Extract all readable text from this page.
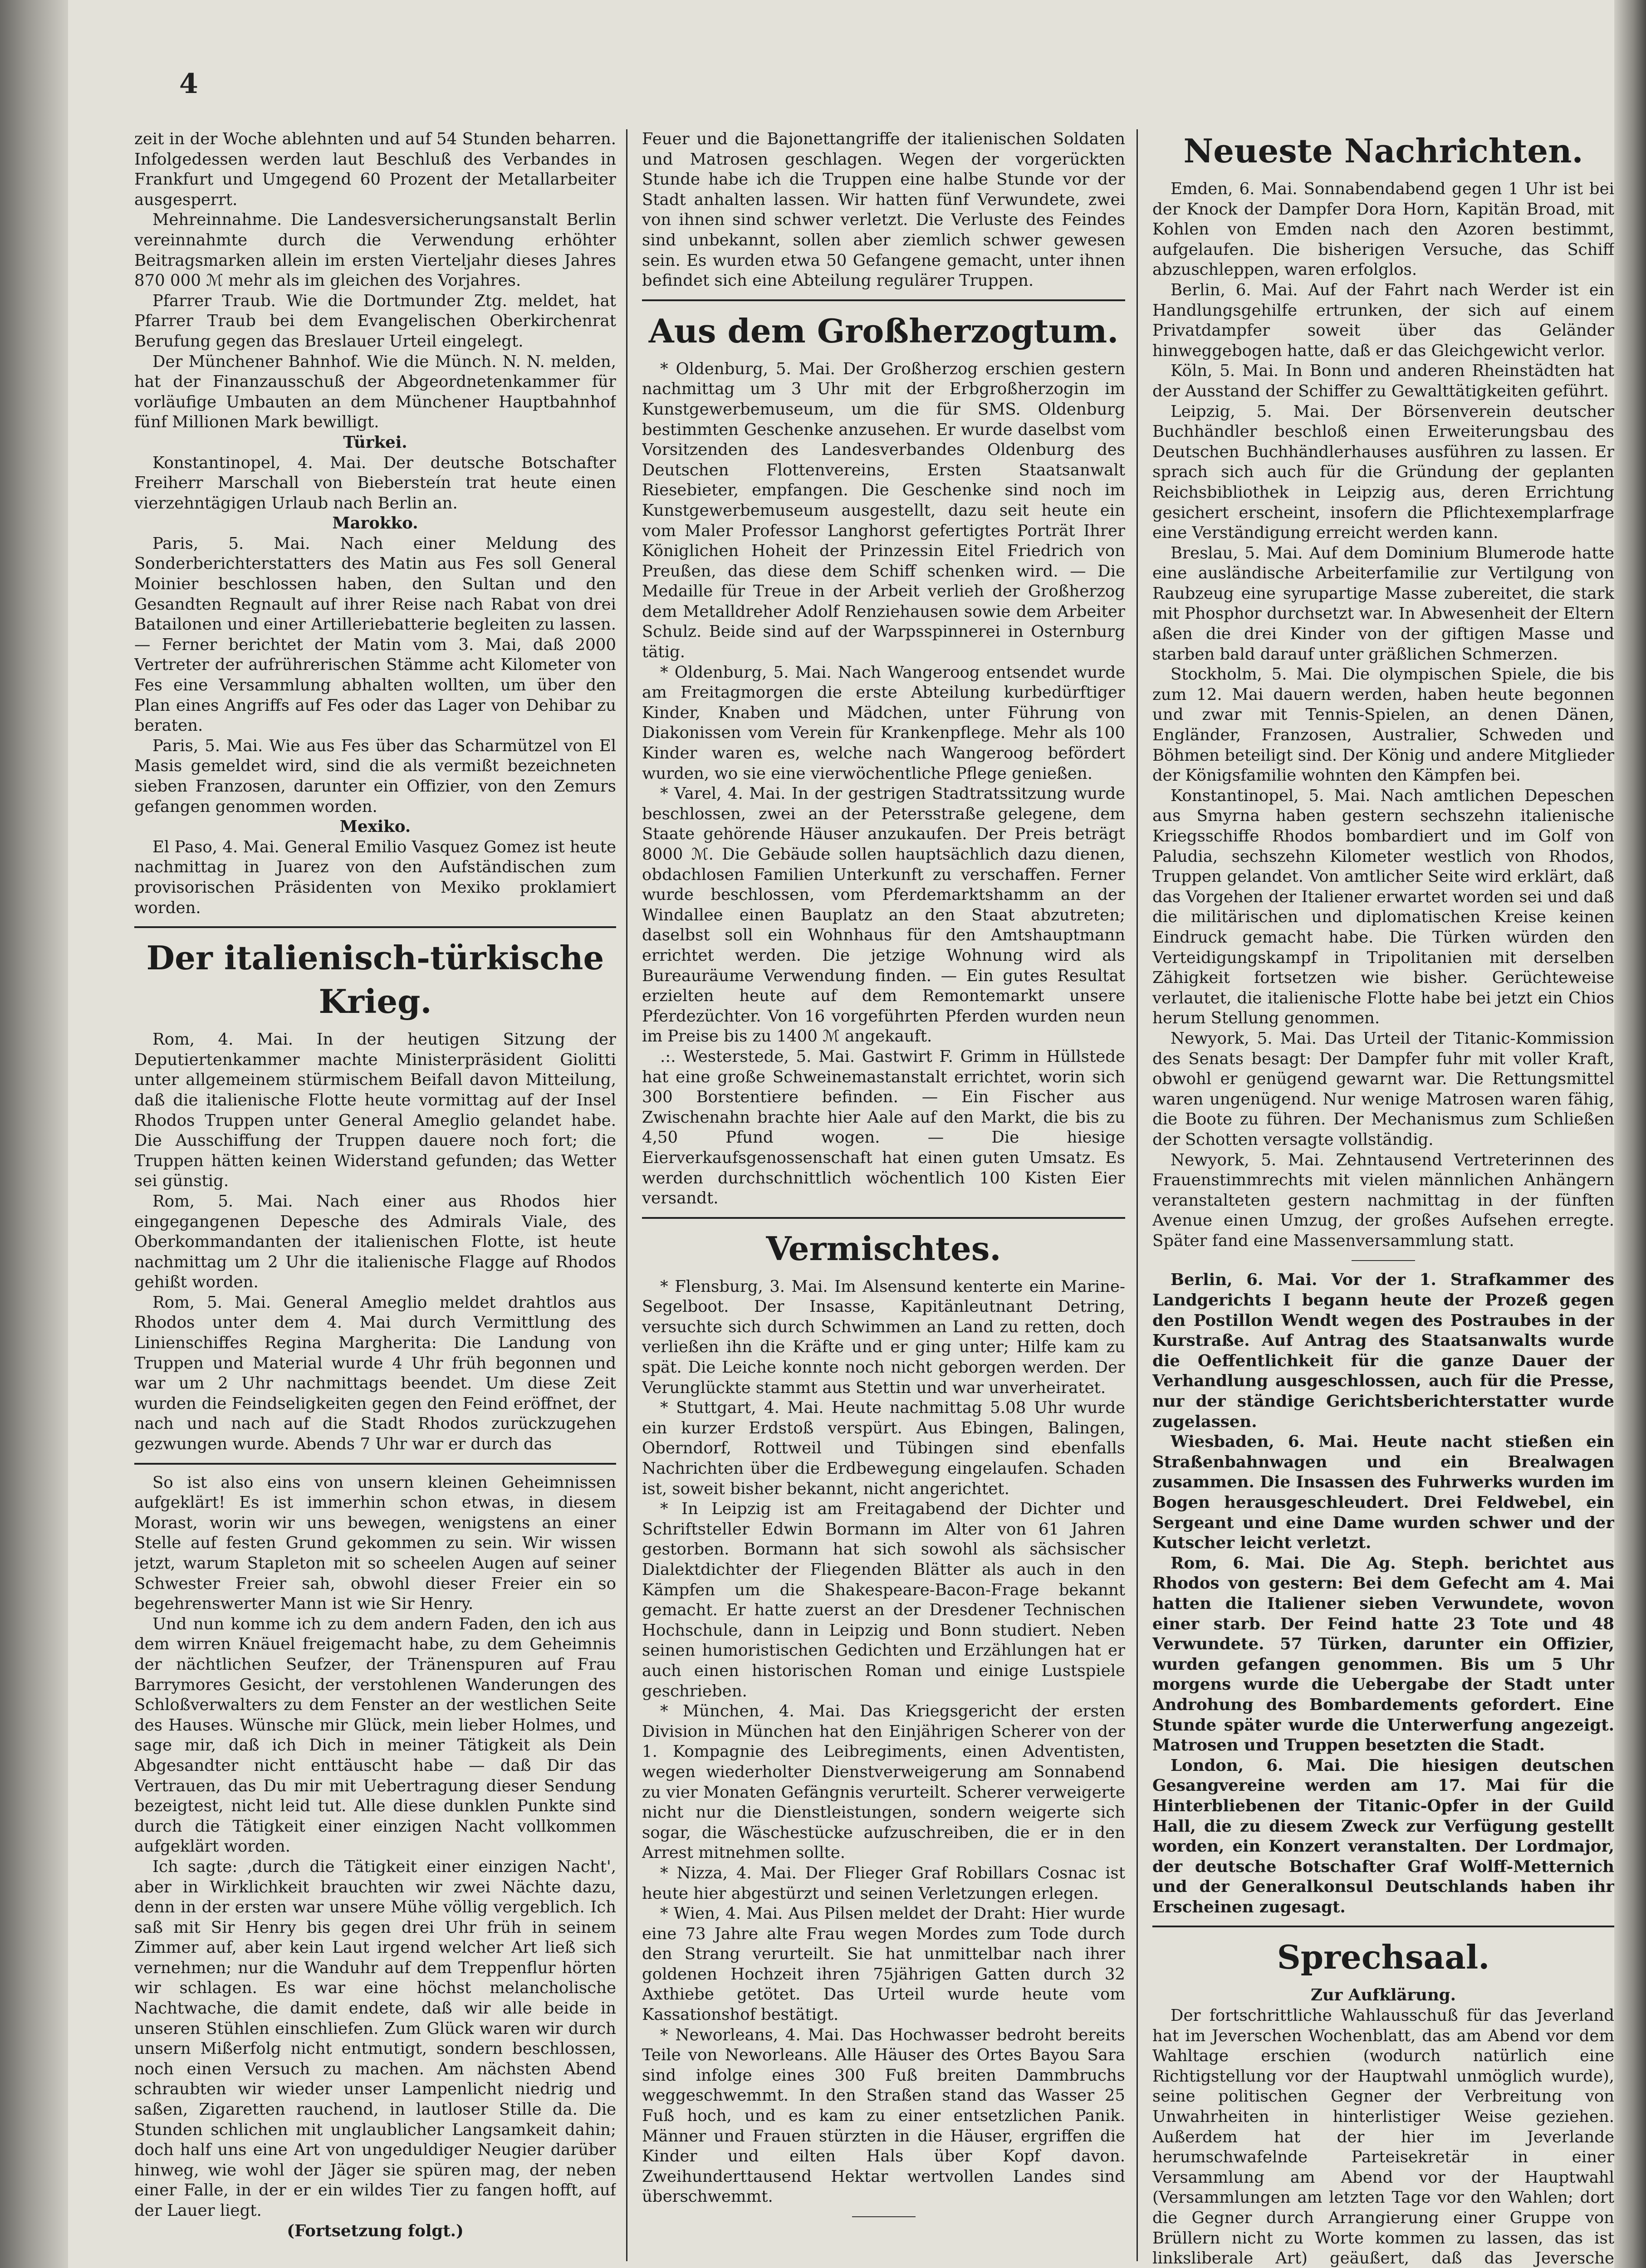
4

zeit in der Woche ablehnten und auf 54 Stunden beharren. Infolgedessen werden laut Beschluß des Verbandes in Frankfurt und Umgegend 60 Prozent der Metallarbeiter ausgesperrt.

Mehreinnahme. Die Landesversicherungsanstalt Berlin vereinnahmte durch die Verwendung erhöhter Beitragsmarken allein im ersten Vierteljahr dieses Jahres 870 000 ℳ mehr als im gleichen des Vorjahres.

Pfarrer Traub. Wie die Dortmunder Ztg. meldet, hat Pfarrer Traub bei dem Evangelischen Oberkirchenrat Berufung gegen das Breslauer Urteil eingelegt.

Der Münchener Bahnhof. Wie die Münch. N. N. melden, hat der Finanzausschuß der Abgeordnetenkammer für vorläufige Umbauten an dem Münchener Hauptbahnhof fünf Millionen Mark bewilligt.

Türkei.

Konstantinopel, 4. Mai. Der deutsche Botschafter Freiherr Marschall von Biebersteín trat heute einen vierzehntägigen Urlaub nach Berlin an.

Marokko.

Paris, 5. Mai. Nach einer Meldung des Sonderberichterstatters des Matin aus Fes soll General Moinier beschlossen haben, den Sultan und den Gesandten Regnault auf ihrer Reise nach Rabat von drei Batailonen und einer Artilleriebatterie begleiten zu lassen. — Ferner berichtet der Matin vom 3. Mai, daß 2000 Vertreter der aufrührerischen Stämme acht Kilometer von Fes eine Versammlung abhalten wollten, um über den Plan eines Angriffs auf Fes oder das Lager von Dehibar zu beraten.

Paris, 5. Mai. Wie aus Fes über das Scharmützel von El Masis gemeldet wird, sind die als vermißt bezeichneten sieben Franzosen, darunter ein Offizier, von den Zemurs gefangen genommen worden.

Mexiko.

El Paso, 4. Mai. General Emilio Vasquez Gomez ist heute nachmittag in Juarez von den Aufständischen zum provisorischen Präsidenten von Mexiko proklamiert worden.

Der italienisch-türkische Krieg.

Rom, 4. Mai. In der heutigen Sitzung der Deputiertenkammer machte Ministerpräsident Giolitti unter allgemeinem stürmischem Beifall davon Mitteilung, daß die italienische Flotte heute vormittag auf der Insel Rhodos Truppen unter General Ameglio gelandet habe. Die Ausschiffung der Truppen dauere noch fort; die Truppen hätten keinen Widerstand gefunden; das Wetter sei günstig.

Rom, 5. Mai. Nach einer aus Rhodos hier eingegangenen Depesche des Admirals Viale, des Oberkommandanten der italienischen Flotte, ist heute nachmittag um 2 Uhr die italienische Flagge auf Rhodos gehißt worden.

Rom, 5. Mai. General Ameglio meldet drahtlos aus Rhodos unter dem 4. Mai durch Vermittlung des Linienschiffes Regina Margherita: Die Landung von Truppen und Material wurde 4 Uhr früh begonnen und war um 2 Uhr nachmittags beendet. Um diese Zeit wurden die Feindseligkeiten gegen den Feind eröffnet, der nach und nach auf die Stadt Rhodos zurückzugehen gezwungen wurde. Abends 7 Uhr war er durch das

So ist also eins von unsern kleinen Geheimnissen aufgeklärt! Es ist immerhin schon etwas, in diesem Morast, worin wir uns bewegen, wenigstens an einer Stelle auf festen Grund gekommen zu sein. Wir wissen jetzt, warum Stapleton mit so scheelen Augen auf seiner Schwester Freier sah, obwohl dieser Freier ein so begehrenswerter Mann ist wie Sir Henry.

Und nun komme ich zu dem andern Faden, den ich aus dem wirren Knäuel freigemacht habe, zu dem Geheimnis der nächtlichen Seufzer, der Tränenspuren auf Frau Barrymores Gesicht, der verstohlenen Wanderungen des Schloßverwalters zu dem Fenster an der westlichen Seite des Hauses. Wünsche mir Glück, mein lieber Holmes, und sage mir, daß ich Dich in meiner Tätigkeit als Dein Abgesandter nicht enttäuscht habe — daß Dir das Vertrauen, das Du mir mit Uebertragung dieser Sendung bezeigtest, nicht leid tut. Alle diese dunklen Punkte sind durch die Tätigkeit einer einzigen Nacht vollkommen aufgeklärt worden.

Ich sagte: ‚durch die Tätigkeit einer einzigen Nacht', aber in Wirklichkeit brauchten wir zwei Nächte dazu, denn in der ersten war unsere Mühe völlig vergeblich. Ich saß mit Sir Henry bis gegen drei Uhr früh in seinem Zimmer auf, aber kein Laut irgend welcher Art ließ sich vernehmen; nur die Wanduhr auf dem Treppenflur hörten wir schlagen. Es war eine höchst melancholische Nachtwache, die damit endete, daß wir alle beide in unseren Stühlen einschliefen. Zum Glück waren wir durch unsern Mißerfolg nicht entmutigt, sondern beschlossen, noch einen Versuch zu machen. Am nächsten Abend schraubten wir wieder unser Lampenlicht niedrig und saßen, Zigaretten rauchend, in lautloser Stille da. Die Stunden schlichen mit unglaublicher Langsamkeit dahin; doch half uns eine Art von ungeduldiger Neugier darüber hinweg, wie wohl der Jäger sie spüren mag, der neben einer Falle, in der er ein wildes Tier zu fangen hofft, auf der Lauer liegt.

(Fortsetzung folgt.)

Feuer und die Bajonettangriffe der italienischen Soldaten und Matrosen geschlagen. Wegen der vorgerückten Stunde habe ich die Truppen eine halbe Stunde vor der Stadt anhalten lassen. Wir hatten fünf Verwundete, zwei von ihnen sind schwer verletzt. Die Verluste des Feindes sind unbekannt, sollen aber ziemlich schwer gewesen sein. Es wurden etwa 50 Gefangene gemacht, unter ihnen befindet sich eine Abteilung regulärer Truppen.

Aus dem Großherzogtum.

* Oldenburg, 5. Mai. Der Großherzog erschien gestern nachmittag um 3 Uhr mit der Erbgroßherzogin im Kunstgewerbemuseum, um die für SMS. Oldenburg bestimmten Geschenke anzusehen. Er wurde daselbst vom Vorsitzenden des Landesverbandes Oldenburg des Deutschen Flottenvereins, Ersten Staatsanwalt Riesebieter, empfangen. Die Geschenke sind noch im Kunstgewerbemuseum ausgestellt, dazu seit heute ein vom Maler Professor Langhorst gefertigtes Porträt Ihrer Königlichen Hoheit der Prinzessin Eitel Friedrich von Preußen, das diese dem Schiff schenken wird. — Die Medaille für Treue in der Arbeit verlieh der Großherzog dem Metalldreher Adolf Renziehausen sowie dem Arbeiter Schulz. Beide sind auf der Warpsspinnerei in Osternburg tätig.

* Oldenburg, 5. Mai. Nach Wangeroog entsendet wurde am Freitagmorgen die erste Abteilung kurbedürftiger Kinder, Knaben und Mädchen, unter Führung von Diakonissen vom Verein für Krankenpflege. Mehr als 100 Kinder waren es, welche nach Wangeroog befördert wurden, wo sie eine vierwöchentliche Pflege genießen.

* Varel, 4. Mai. In der gestrigen Stadtratssitzung wurde beschlossen, zwei an der Petersstraße gelegene, dem Staate gehörende Häuser anzukaufen. Der Preis beträgt 8000 ℳ. Die Gebäude sollen hauptsächlich dazu dienen, obdachlosen Familien Unterkunft zu verschaffen. Ferner wurde beschlossen, vom Pferdemarktshamm an der Windallee einen Bauplatz an den Staat abzutreten; daselbst soll ein Wohnhaus für den Amtshauptmann errichtet werden. Die jetzige Wohnung wird als Bureauräume Verwendung finden. — Ein gutes Resultat erzielten heute auf dem Remontemarkt unsere Pferdezüchter. Von 16 vorgeführten Pferden wurden neun im Preise bis zu 1400 ℳ angekauft.

.:. Westerstede, 5. Mai. Gastwirt F. Grimm in Hüllstede hat eine große Schweinemastanstalt errichtet, worin sich 300 Borstentiere befinden. — Ein Fischer aus Zwischenahn brachte hier Aale auf den Markt, die bis zu 4,50 Pfund wogen. — Die hiesige Eierverkaufsgenossenschaft hat einen guten Umsatz. Es werden durchschnittlich wöchentlich 100 Kisten Eier versandt.

Vermischtes.

* Flensburg, 3. Mai. Im Alsensund kenterte ein Marine-Segelboot. Der Insasse, Kapitänleutnant Detring, versuchte sich durch Schwimmen an Land zu retten, doch verließen ihn die Kräfte und er ging unter; Hilfe kam zu spät. Die Leiche konnte noch nicht geborgen werden. Der Verunglückte stammt aus Stettin und war unverheiratet.

* Stuttgart, 4. Mai. Heute nachmittag 5.08 Uhr wurde ein kurzer Erdstoß verspürt. Aus Ebingen, Balingen, Oberndorf, Rottweil und Tübingen sind ebenfalls Nachrichten über die Erdbewegung eingelaufen. Schaden ist, soweit bisher bekannt, nicht angerichtet.

* In Leipzig ist am Freitagabend der Dichter und Schriftsteller Edwin Bormann im Alter von 61 Jahren gestorben. Bormann hat sich sowohl als sächsischer Dialektdichter der Fliegenden Blätter als auch in den Kämpfen um die Shakespeare-Bacon-Frage bekannt gemacht. Er hatte zuerst an der Dresdener Technischen Hochschule, dann in Leipzig und Bonn studiert. Neben seinen humoristischen Gedichten und Erzählungen hat er auch einen historischen Roman und einige Lustspiele geschrieben.

* München, 4. Mai. Das Kriegsgericht der ersten Division in München hat den Einjährigen Scherer von der 1. Kompagnie des Leibregiments, einen Adventisten, wegen wiederholter Dienstverweigerung am Sonnabend zu vier Monaten Gefängnis verurteilt. Scherer verweigerte nicht nur die Dienstleistungen, sondern weigerte sich sogar, die Wäschestücke aufzuschreiben, die er in den Arrest mitnehmen sollte.

* Nizza, 4. Mai. Der Flieger Graf Robillars Cosnac ist heute hier abgestürzt und seinen Verletzungen erlegen.

* Wien, 4. Mai. Aus Pilsen meldet der Draht: Hier wurde eine 73 Jahre alte Frau wegen Mordes zum Tode durch den Strang verurteilt. Sie hat unmittelbar nach ihrer goldenen Hochzeit ihren 75jährigen Gatten durch 32 Axthiebe getötet. Das Urteil wurde heute vom Kassationshof bestätigt.

* Neworleans, 4. Mai. Das Hochwasser bedroht bereits Teile von Neworleans. Alle Häuser des Ortes Bayou Sara sind infolge eines 300 Fuß breiten Dammbruchs weggeschwemmt. In den Straßen stand das Wasser 25 Fuß hoch, und es kam zu einer entsetzlichen Panik. Männer und Frauen stürzten in die Häuser, ergriffen die Kinder und eilten Hals über Kopf davon. Zweihunderttausend Hektar wertvollen Landes sind überschwemmt.

Neueste Nachrichten.

Emden, 6. Mai. Sonnabendabend gegen 1 Uhr ist bei der Knock der Dampfer Dora Horn, Kapitän Broad, mit Kohlen von Emden nach den Azoren bestimmt, aufgelaufen. Die bisherigen Versuche, das Schiff abzuschleppen, waren erfolglos.

Berlin, 6. Mai. Auf der Fahrt nach Werder ist ein Handlungsgehilfe ertrunken, der sich auf einem Privatdampfer soweit über das Geländer hinweggebogen hatte, daß er das Gleichgewicht verlor.

Köln, 5. Mai. In Bonn und anderen Rheinstädten hat der Ausstand der Schiffer zu Gewalttätigkeiten geführt.

Leipzig, 5. Mai. Der Börsenverein deutscher Buchhändler beschloß einen Erweiterungsbau des Deutschen Buchhändlerhauses ausführen zu lassen. Er sprach sich auch für die Gründung der geplanten Reichsbibliothek in Leipzig aus, deren Errichtung gesichert erscheint, insofern die Pflichtexemplarfrage eine Verständigung erreicht werden kann.

Breslau, 5. Mai. Auf dem Dominium Blumerode hatte eine ausländische Arbeiterfamilie zur Vertilgung von Raubzeug eine syrupartige Masse zubereitet, die stark mit Phosphor durchsetzt war. In Abwesenheit der Eltern aßen die drei Kinder von der giftigen Masse und starben bald darauf unter gräßlichen Schmerzen.

Stockholm, 5. Mai. Die olympischen Spiele, die bis zum 12. Mai dauern werden, haben heute begonnen und zwar mit Tennis-Spielen, an denen Dänen, Engländer, Franzosen, Australier, Schweden und Böhmen beteiligt sind. Der König und andere Mitglieder der Königsfamilie wohnten den Kämpfen bei.

Konstantinopel, 5. Mai. Nach amtlichen Depeschen aus Smyrna haben gestern sechszehn italienische Kriegsschiffe Rhodos bombardiert und im Golf von Paludia, sechszehn Kilometer westlich von Rhodos, Truppen gelandet. Von amtlicher Seite wird erklärt, daß das Vorgehen der Italiener erwartet worden sei und daß die militärischen und diplomatischen Kreise keinen Eindruck gemacht habe. Die Türken würden den Verteidigungskampf in Tripolitanien mit derselben Zähigkeit fortsetzen wie bisher. Gerüchteweise verlautet, die italienische Flotte habe bei jetzt ein Chios herum Stellung genommen.

Newyork, 5. Mai. Das Urteil der Titanic-Kommission des Senats besagt: Der Dampfer fuhr mit voller Kraft, obwohl er genügend gewarnt war. Die Rettungsmittel waren ungenügend. Nur wenige Matrosen waren fähig, die Boote zu führen. Der Mechanismus zum Schließen der Schotten versagte vollständig.

Newyork, 5. Mai. Zehntausend Vertreterinnen des Frauenstimmrechts mit vielen männlichen Anhängern veranstalteten gestern nachmittag in der fünften Avenue einen Umzug, der großes Aufsehen erregte. Später fand eine Massenversammlung statt.

Berlin, 6. Mai. Vor der 1. Strafkammer des Landgerichts I begann heute der Prozeß gegen den Postillon Wendt wegen des Postraubes in der Kurstraße. Auf Antrag des Staatsanwalts wurde die Oeffentlichkeit für die ganze Dauer der Verhandlung ausgeschlossen, auch für die Presse, nur der ständige Gerichtsberichterstatter wurde zugelassen.

Wiesbaden, 6. Mai. Heute nacht stießen ein Straßenbahnwagen und ein Brealwagen zusammen. Die Insassen des Fuhrwerks wurden im Bogen herausgeschleudert. Drei Feldwebel, ein Sergeant und eine Dame wurden schwer und der Kutscher leicht verletzt.

Rom, 6. Mai. Die Ag. Steph. berichtet aus Rhodos von gestern: Bei dem Gefecht am 4. Mai hatten die Italiener sieben Verwundete, wovon einer starb. Der Feind hatte 23 Tote und 48 Verwundete. 57 Türken, darunter ein Offizier, wurden gefangen genommen. Bis um 5 Uhr morgens wurde die Uebergabe der Stadt unter Androhung des Bombardements gefordert. Eine Stunde später wurde die Unterwerfung angezeigt. Matrosen und Truppen besetzten die Stadt.

London, 6. Mai. Die hiesigen deutschen Gesangvereine werden am 17. Mai für die Hinterbliebenen der Titanic-Opfer in der Guild Hall, die zu diesem Zweck zur Verfügung gestellt worden, ein Konzert veranstalten. Der Lordmajor, der deutsche Botschafter Graf Wolff-Metternich und der Generalkonsul Deutschlands haben ihr Erscheinen zugesagt.

Sprechsaal.

Zur Aufklärung.

Der fortschrittliche Wahlausschuß für das Jeverland hat im Jeverschen Wochenblatt, das am Abend vor dem Wahltage erschien (wodurch natürlich eine Richtigstellung vor der Hauptwahl unmöglich wurde), seine politischen Gegner der Verbreitung von Unwahrheiten in hinterlistiger Weise geziehen. Außerdem hat der hier im Jeverlande herumschwafelnde Parteisekretär in einer Versammlung am Abend vor der Hauptwahl (Versammlungen am letzten Tage vor den Wahlen; dort die Gegner durch Arrangierung einer Gruppe von Brüllern nicht zu Worte kommen zu lassen, das ist linksliberale Art) geäußert, daß das Jeversche
